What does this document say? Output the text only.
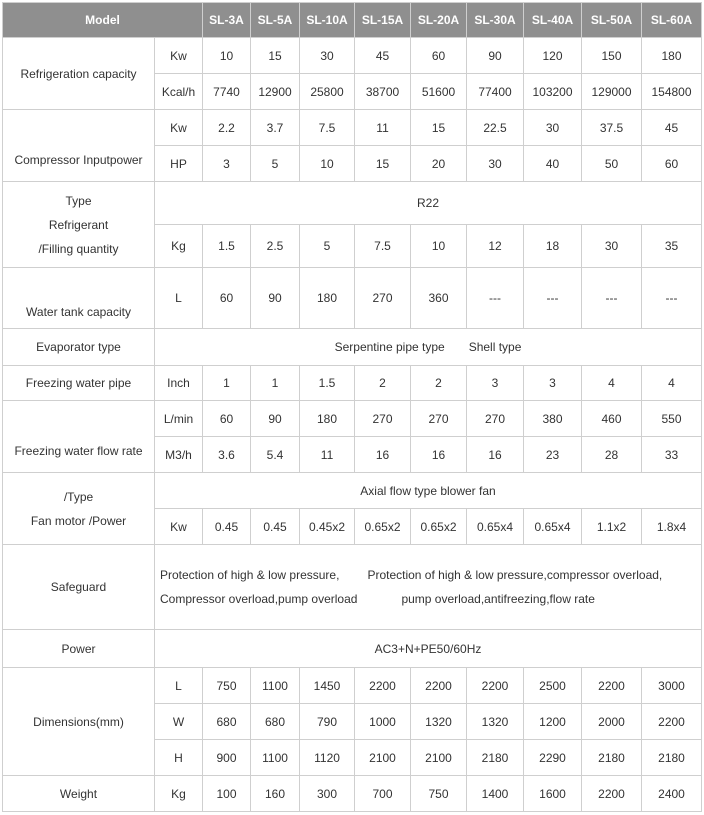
Model		SL-3A	SL-5A	SL-10A	SL-15A	SL-20A	SL-30A	SL-40A	SL-50A	SL-60A
Refrigeration capacity	Kw	10	15	30	45	60	90	120	150	180
	Kcal/h	7740	12900	25800	38700	51600	77400	103200	129000	154800
Compressor Inputpower	Kw	2.2	3.7	7.5	11	15	22.5	30	37.5	45
	HP	3	5	10	15	20	30	40	50	60

Type
Refrigerant
/Filling quantity	R22									
	Kg	1.5	2.5	5	7.5	10	12	18	30	35
Water tank capacity	L	60	90	180	270	360	---	---	---	---
Evaporator type	Serpentine pipe type Shell type									
Freezing water pipe	Inch	1	1	1.5	2	2	3	3	4	4
Freezing water flow rate	L/min	60	90	180	270	270	270	380	460	550
	M3/h	3.6	5.4	11	16	16	16	23	28	33

/Type
Fan motor /Power	Axial flow type blower fan									
	Kw	0.45	0.45	0.45x2	0.65x2	0.65x2	0.65x4	0.65x4	1.1x2	1.8x4
Safeguard	Protection of high & low pressure, Protection of high & low pressure,compressor overload,
Compressor overload,pump overload pump overload,antifreezing,flow rate									

Power	AC3+N+PE50/60Hz									
Dimensions(mm)	L	750	1100	1450	2200	2200	2200	2500	2200	3000
	W	680	680	790	1000	1320	1320	1200	2000	2200
	H	900	1100	1120	2100	2100	2180	2290	2180	2180
Weight	Kg	100	160	300	700	750	1400	1600	2200	2400
